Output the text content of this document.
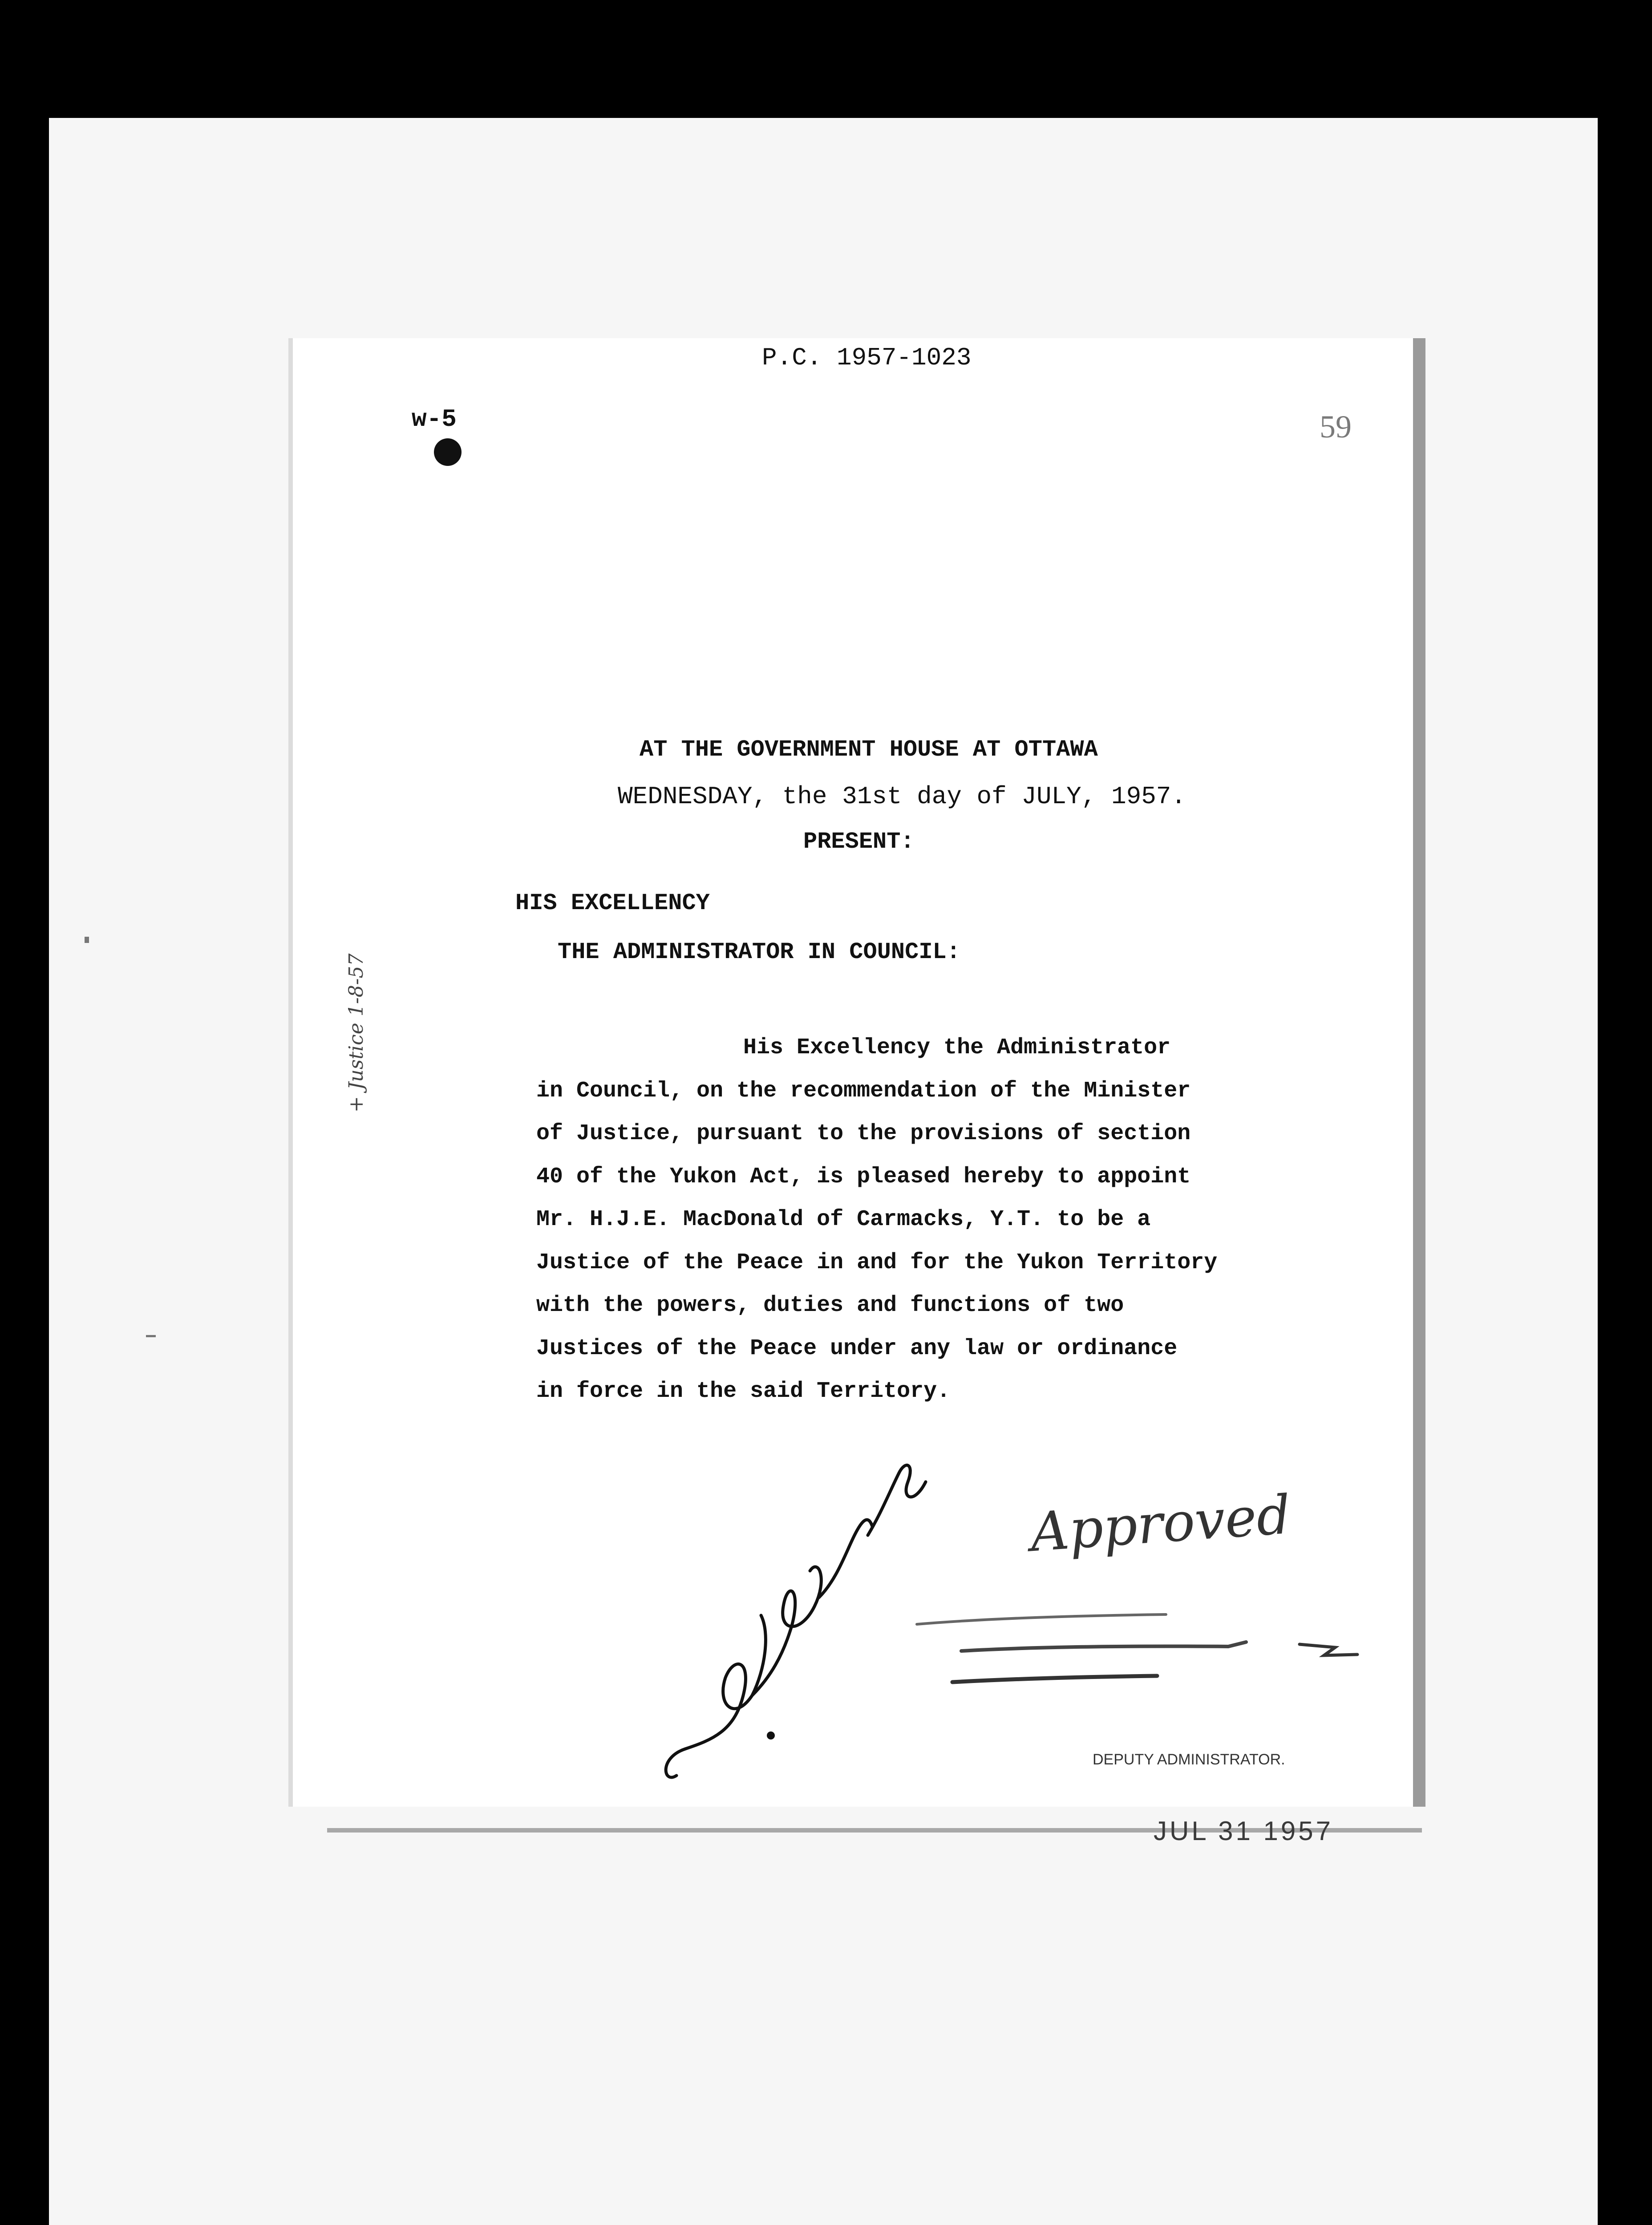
P.C. 1957-1023

w-5	59

AT THE GOVERNMENT HOUSE AT OTTAWA

WEDNESDAY, the 31st day of JULY, 1957.

PRESENT:

HIS EXCELLENCY

THE ADMINISTRATOR IN COUNCIL:

His Excellency the Administrator
in Council, on the recommendation of the Minister
of Justice, pursuant to the provisions of section
40 of the Yukon Act, is pleased hereby to appoint
Mr. H.J.E. MacDonald of Carmacks, Y.T. to be a
Justice of the Peace in and for the Yukon Territory
with the powers, duties and functions of two
Justices of the Peace under any law or ordinance
in force in the said Territory.
+ Justice 1-8-57
Approved

DEPUTY ADMINISTRATOR.

JUL 31 1957
